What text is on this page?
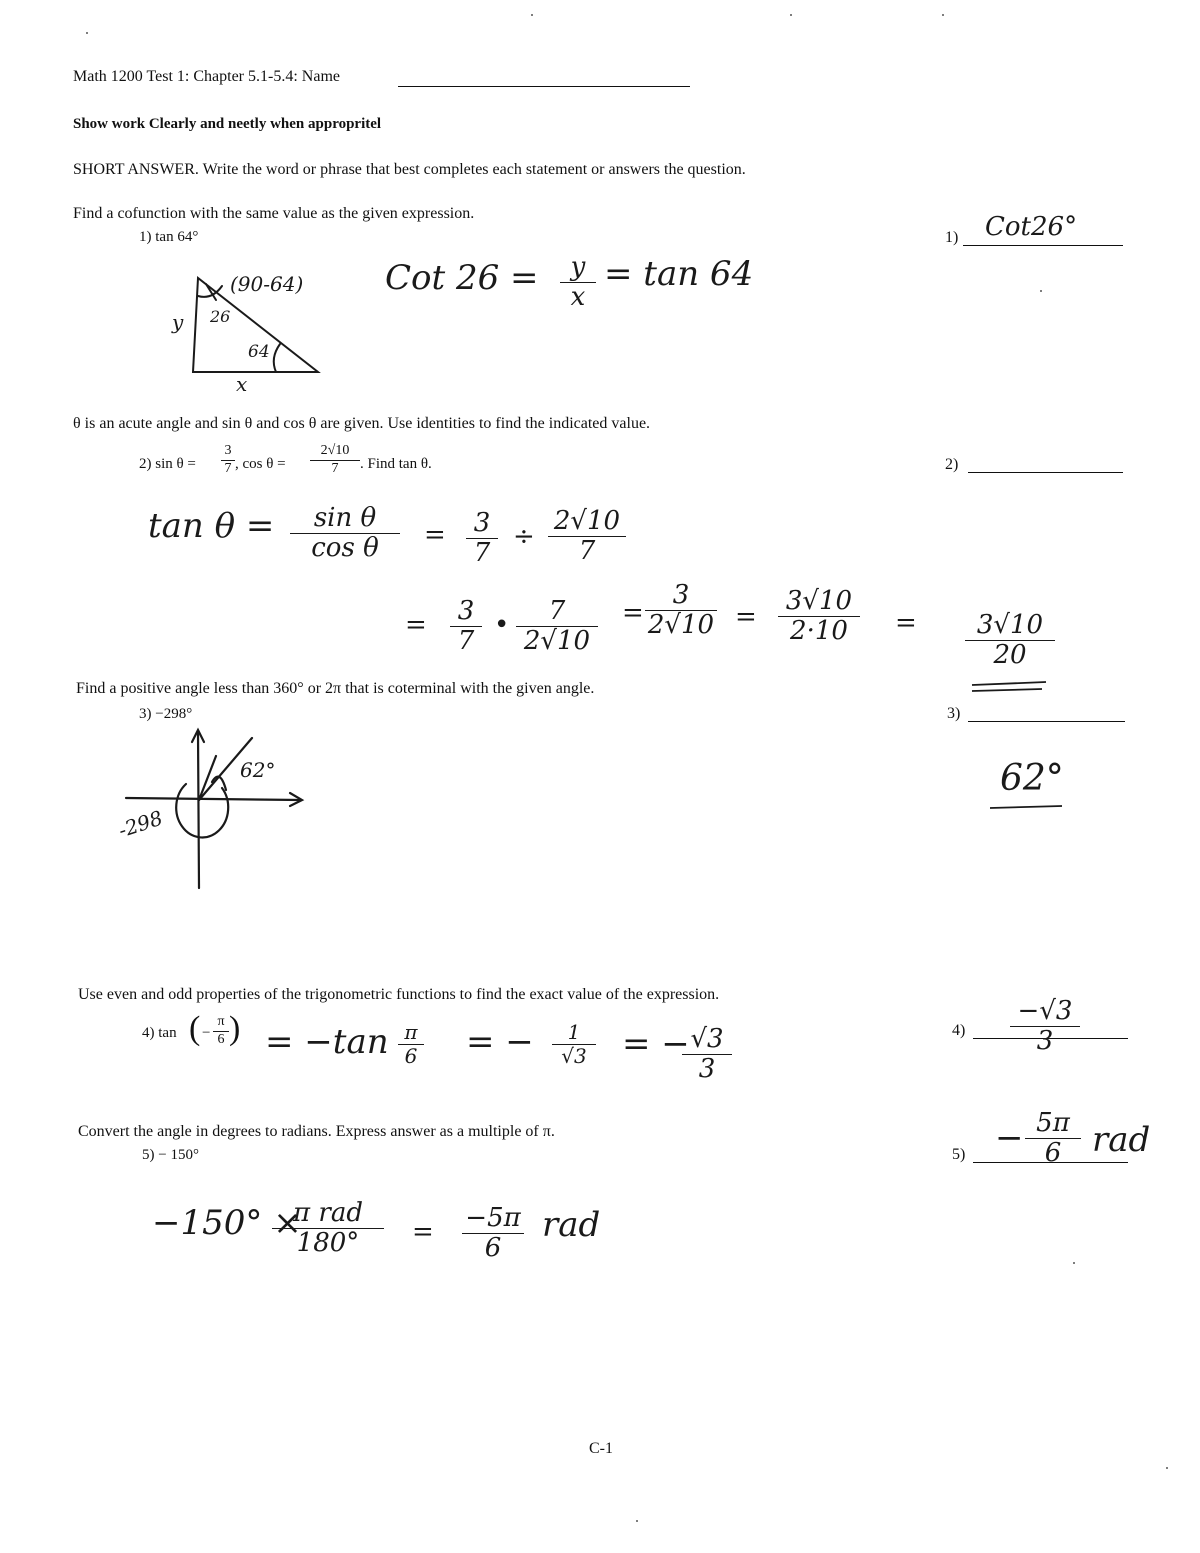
Math 1200 Test 1: Chapter 5.1-5.4: Name
Show work Clearly and neetly when appropritel
SHORT ANSWER. Write the word or phrase that best completes each statement or answers the question.
Find a cofunction with the same value as the given expression.
1) tan 64°	1) Cot26°
(90-64) Cot 26 =	y
x
= tan 64
y 26
64
x
θ is an acute angle and sin θ and cos θ are given. Use identities to find the indicated value.
2) sin θ =
3
7 , cos θ =
2√10
7	. Find tan θ.	2)
tan θ =	sin θ
cos θ	= 3
7
÷
2√10
7
= 3
7
•	7
2√10
=
3
2√10 =
3√10
2·10	=	3√10
20
Find a positive angle less than 360° or 2π that is coterminal with the given angle.
3) −298°	3)
62°
62°
-298
Use even and odd properties of the trigonometric functions to find the exact value of the expression.
4) tan ( −
π
6 ) = −tan π
6 = −	1
√3 = − √3
3
4)
−√3
3
Convert the angle in degrees to radians. Express answer as a multiple of π.
5) − 150°	5) − 5π
6 rad
−150° ×
π rad
180°	= −5π
6
rad
C-1
